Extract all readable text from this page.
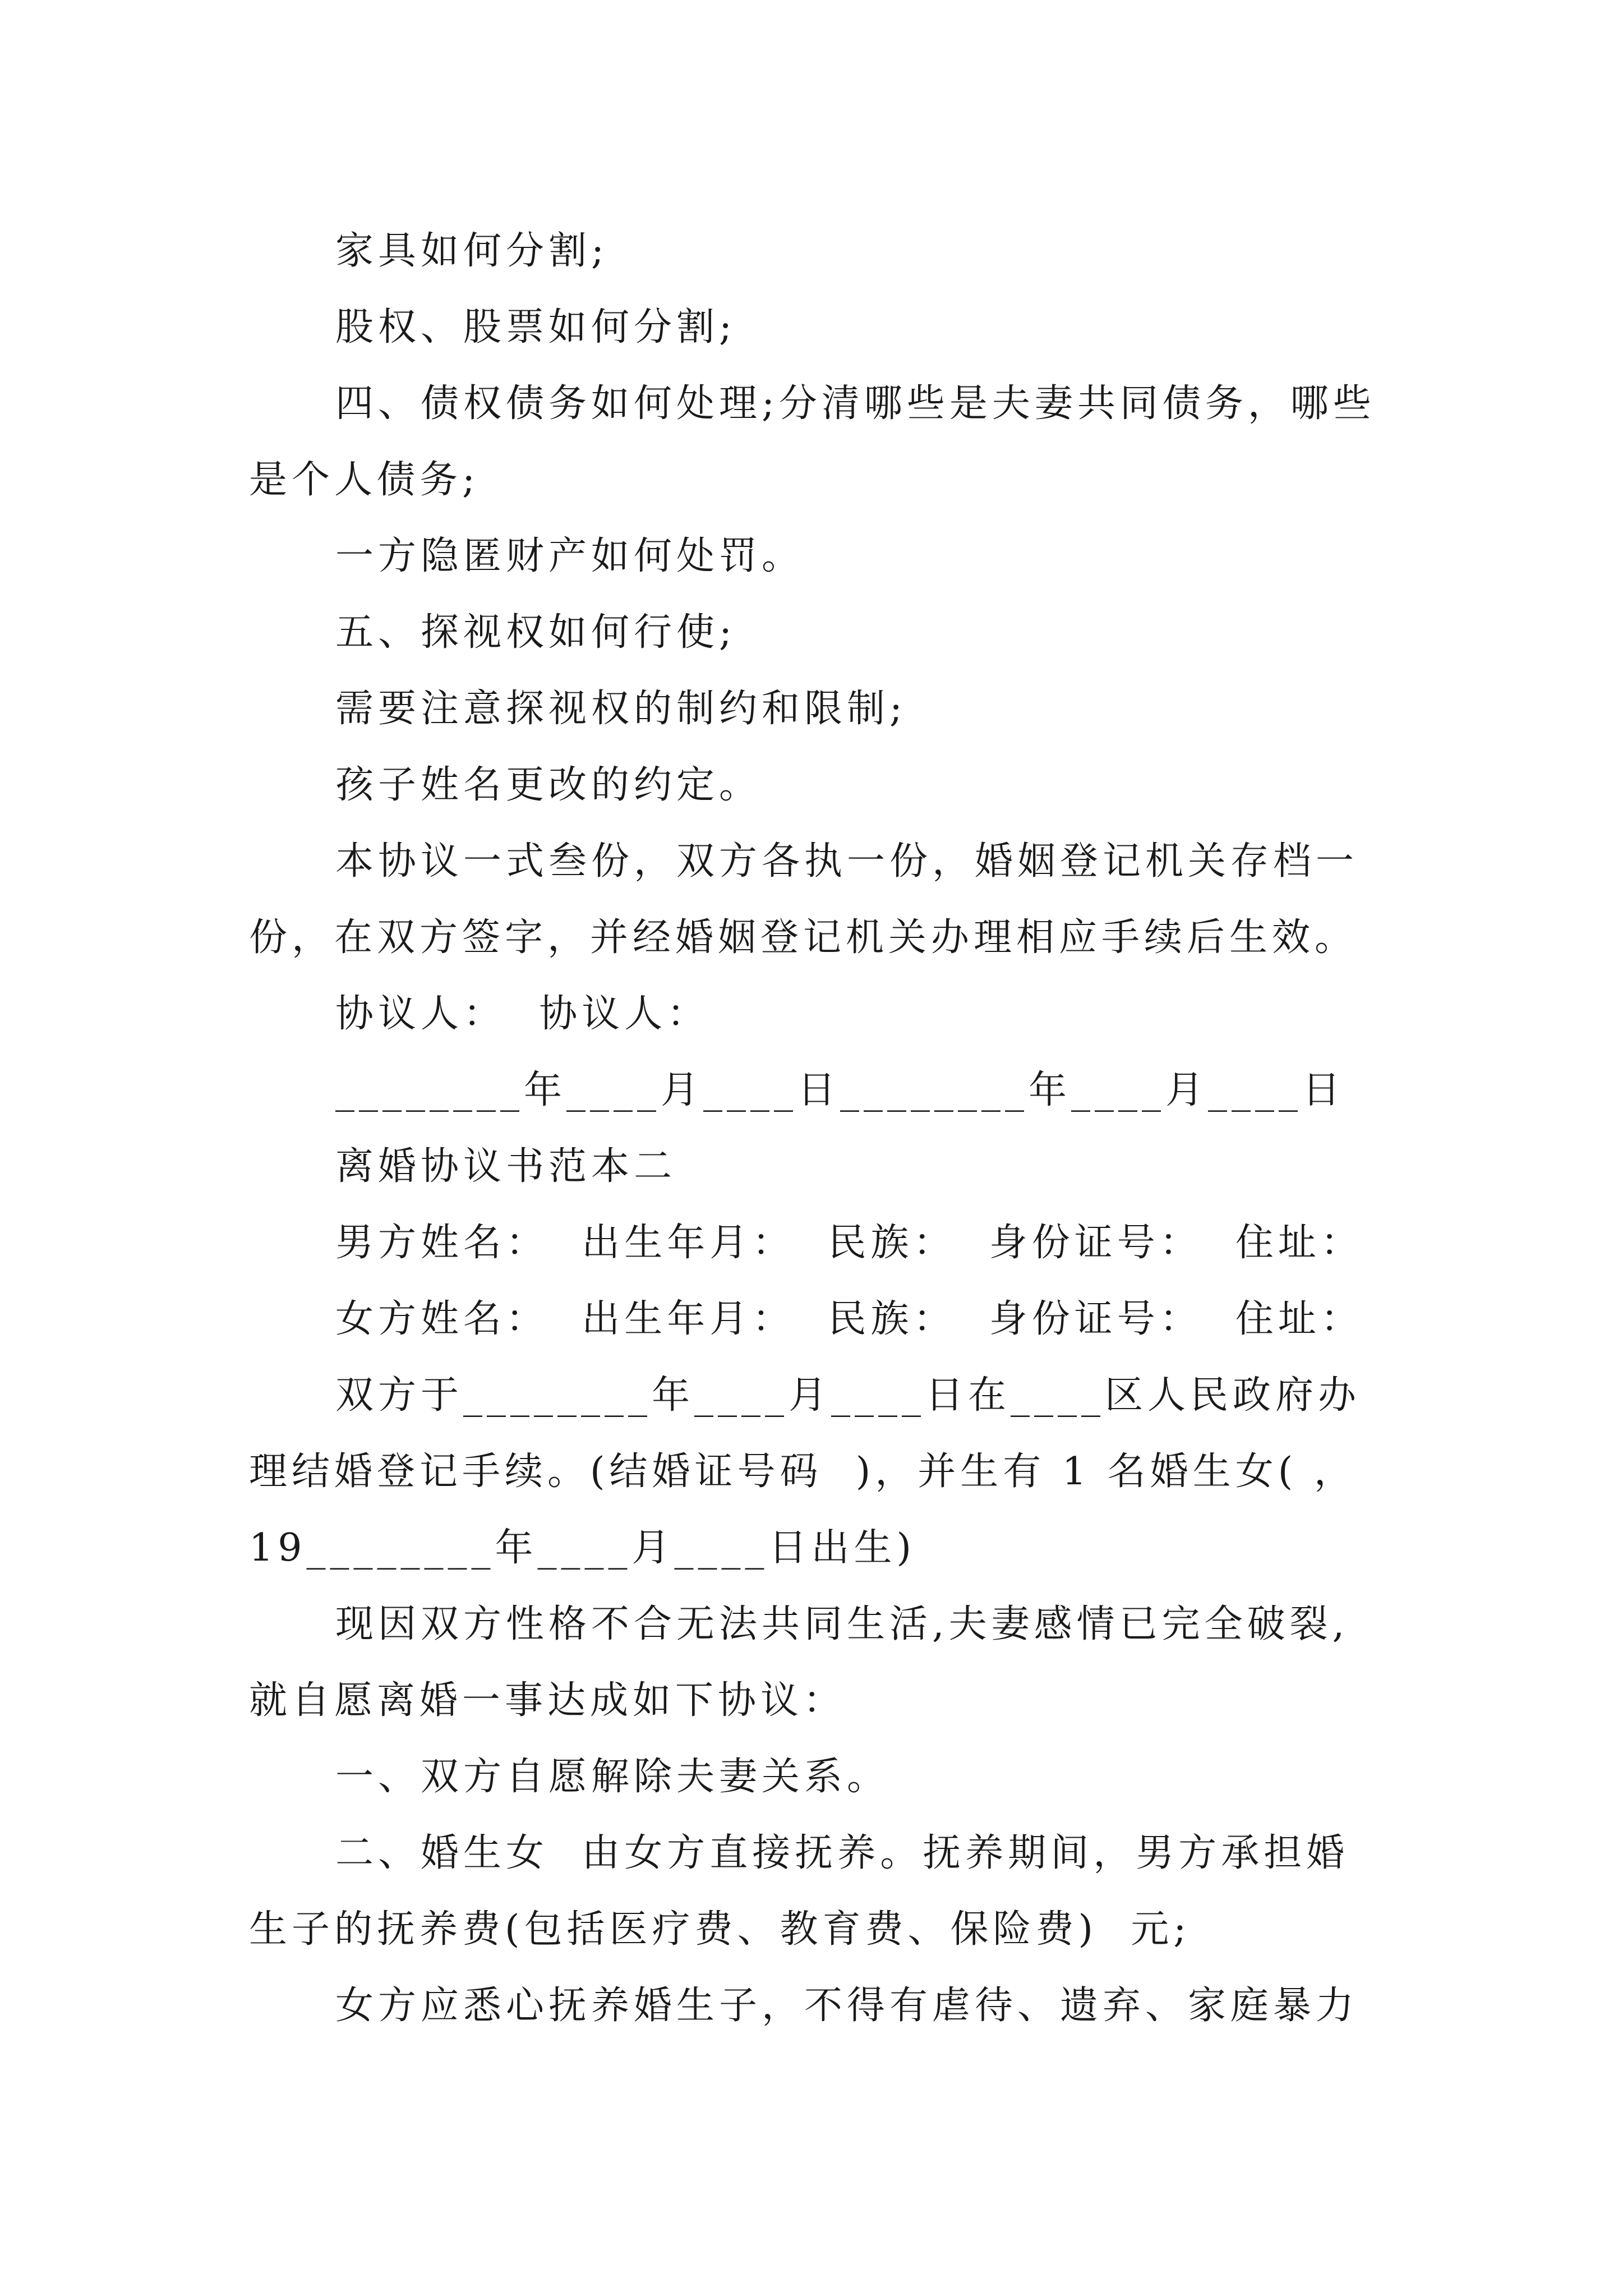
家具如何分割;

股权、股票如何分割;

四、债权债务如何处理;分清哪些是夫妻共同债务，哪些是个人债务;

一方隐匿财产如何处罚。

五、探视权如何行使;

需要注意探视权的制约和限制;

孩子姓名更改的约定。

本协议一式叁份，双方各执一份，婚姻登记机关存档一份，在双方签字，并经婚姻登记机关办理相应手续后生效。

协议人：  协议人：

________年____月____日________年____月____日

离婚协议书范本二

男方姓名：  出生年月：  民族：  身份证号：  住址：

女方姓名：  出生年月：  民族：  身份证号：  住址：

双方于________年____月____日在____区人民政府办理结婚登记手续。(结婚证号码  )，并生有 1 名婚生女( ，19________年____月____日出生)

现因双方性格不合无法共同生活,夫妻感情已完全破裂,就自愿离婚一事达成如下协议：

一、双方自愿解除夫妻关系。

二、婚生女  由女方直接抚养。抚养期间，男方承担婚生子的抚养费(包括医疗费、教育费、保险费)  元;

女方应悉心抚养婚生子，不得有虐待、遗弃、家庭暴力
